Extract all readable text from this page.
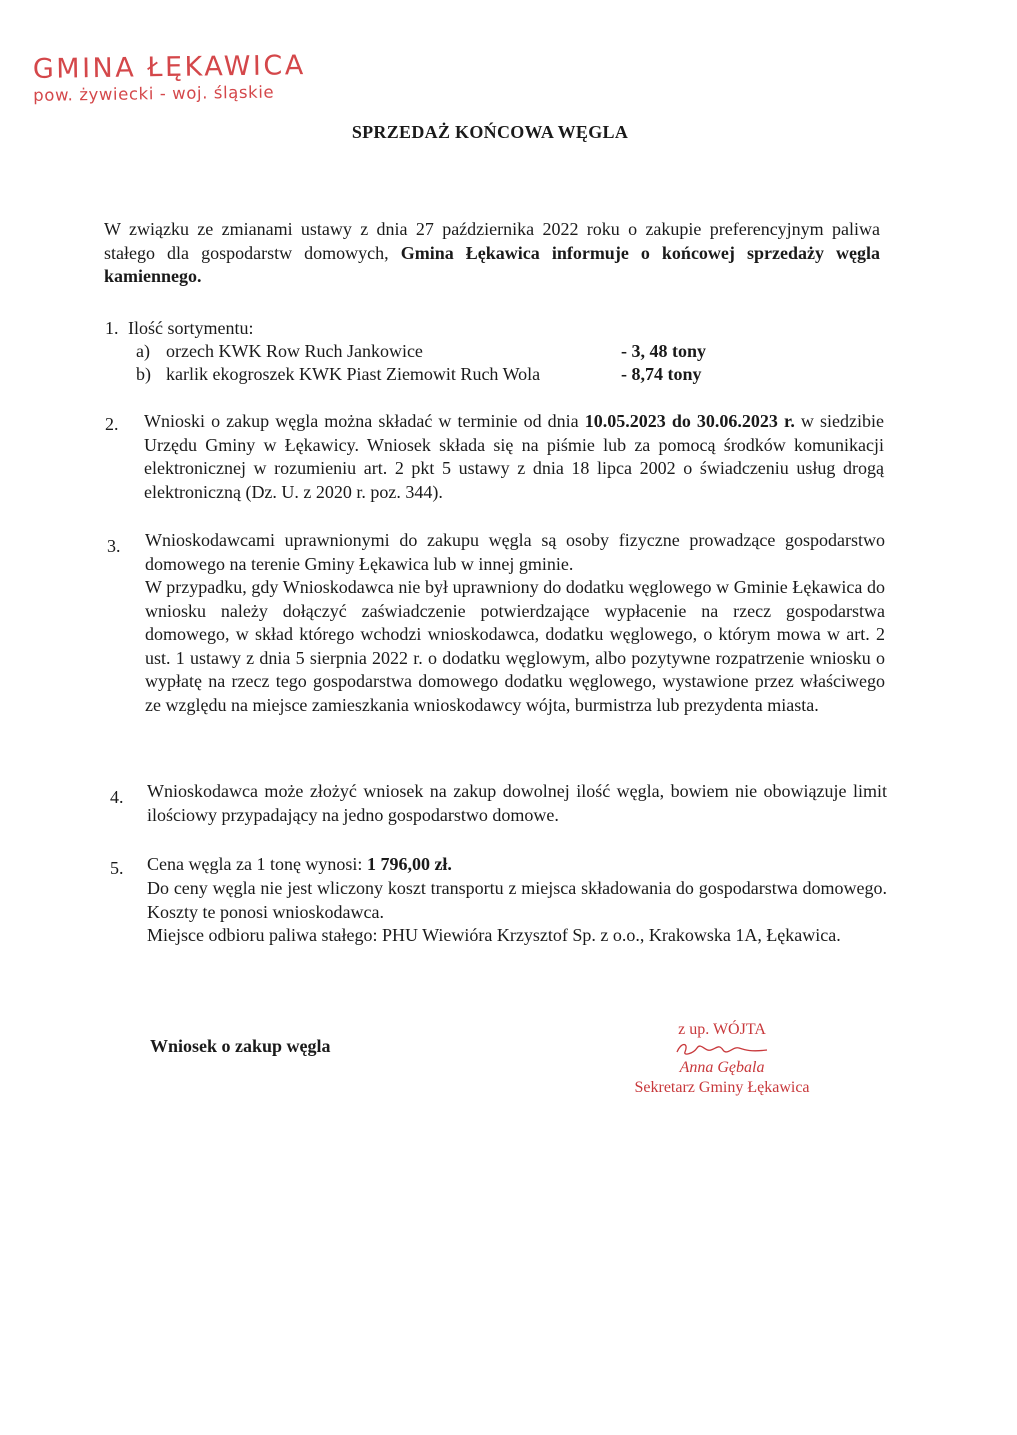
GMINA ŁĘKAWICA
pow. żywiecki - woj. śląskie
SPRZEDAŻ KOŃCOWA WĘGLA
W związku ze zmianami ustawy z dnia 27 października 2022 roku o zakupie preferencyjnym paliwa stałego dla gospodarstw domowych, Gmina Łękawica informuje o końcowej sprzedaży węgla kamiennego.
1. Ilość sortymentu:
a) orzech KWK Row Ruch Jankowice	- 3, 48 tony
b) karlik ekogroszek KWK Piast Ziemowit Ruch Wola	- 8,74 tony
2. Wnioski o zakup węgla można składać w terminie od dnia 10.05.2023 do 30.06.2023 r. w siedzibie Urzędu Gminy w Łękawicy. Wniosek składa się na piśmie lub za pomocą środków komunikacji elektronicznej w rozumieniu art. 2 pkt 5 ustawy z dnia 18 lipca 2002 o świadczeniu usług drogą elektroniczną (Dz. U. z 2020 r. poz. 344).
3. Wnioskodawcami uprawnionymi do zakupu węgla są osoby fizyczne prowadzące gospodarstwo domowego na terenie Gminy Łękawica lub w innej gminie.
W przypadku, gdy Wnioskodawca nie był uprawniony do dodatku węglowego w Gminie Łękawica do wniosku należy dołączyć zaświadczenie potwierdzające wypłacenie na rzecz gospodarstwa domowego, w skład którego wchodzi wnioskodawca, dodatku węglowego, o którym mowa w art. 2 ust. 1 ustawy z dnia 5 sierpnia 2022 r. o dodatku węglowym, albo pozytywne rozpatrzenie wniosku o wypłatę na rzecz tego gospodarstwa domowego dodatku węglowego, wystawione przez właściwego ze względu na miejsce zamieszkania wnioskodawcy wójta, burmistrza lub prezydenta miasta.
4. Wnioskodawca może złożyć wniosek na zakup dowolnej ilość węgla, bowiem nie obowiązuje limit ilościowy przypadający na jedno gospodarstwo domowe.
5. Cena węgla za 1 tonę wynosi: 1 796,00 zł.
Do ceny węgla nie jest wliczony koszt transportu z miejsca składowania do gospodarstwa domowego. Koszty te ponosi wnioskodawca.
Miejsce odbioru paliwa stałego: PHU Wiewióra Krzysztof Sp. z o.o., Krakowska 1A, Łękawica.
Wniosek o zakup węgla
z up. WÓJTA
Anna Gębala
Sekretarz Gminy Łękawica
